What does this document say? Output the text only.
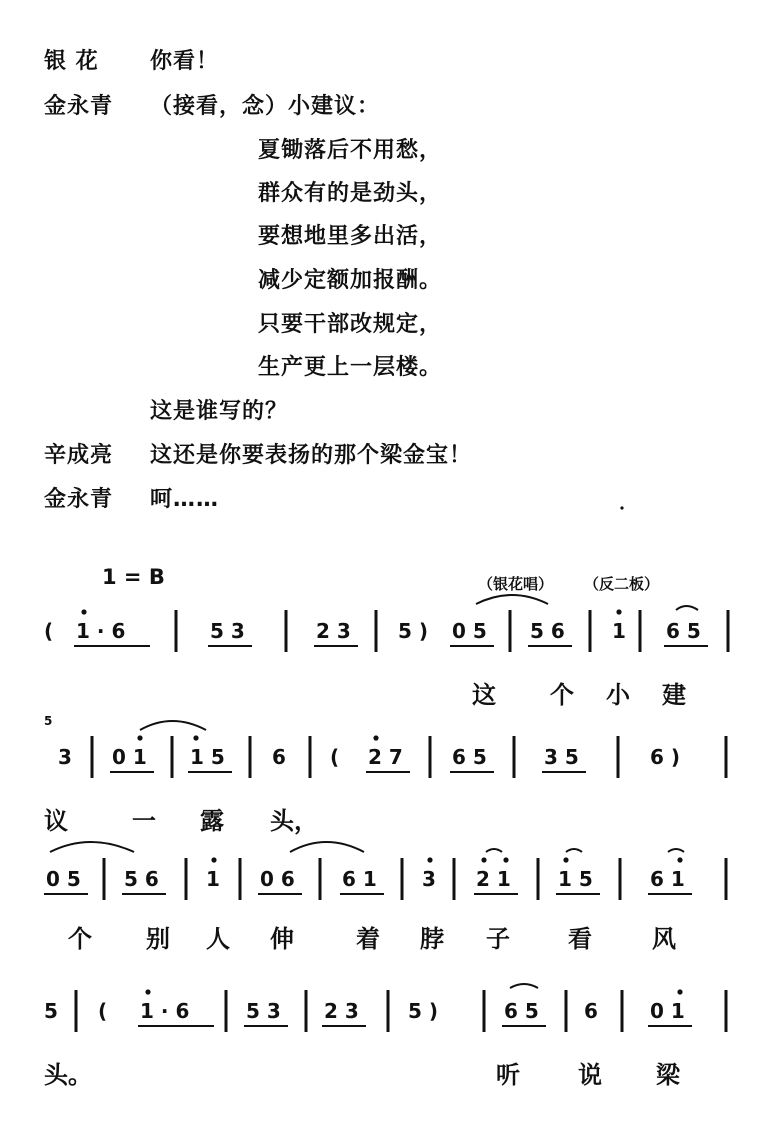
银 花 你看！
金永青 （接看，念）小建议：
夏锄落后不用愁，
群众有的是劲头，
要想地里多出活，
减少定额加报酬。
只要干部改规定，
生产更上一层楼。
这是谁写的？
辛成亮 这还是你要表扬的那个梁金宝！
金永青 呵……
1 = B	（银花唱） （反二板）
( 1 · 6	5 3	2 3 5 ) 0 5 5 6 1 6 5
这 个 小 建
5
3 0 1 1 5 6 ( 2 7 6 5	3 5	6 )
议	一 露 头，
0 5 5 6 1 0 6 6 1 3 2 1 1 5	6 1
个 别 人 伸	着 脖 子 看	风
5 ( 1 · 6	5 3 2 3 5 )	6 5 6	0 1
头。	听 说 梁
